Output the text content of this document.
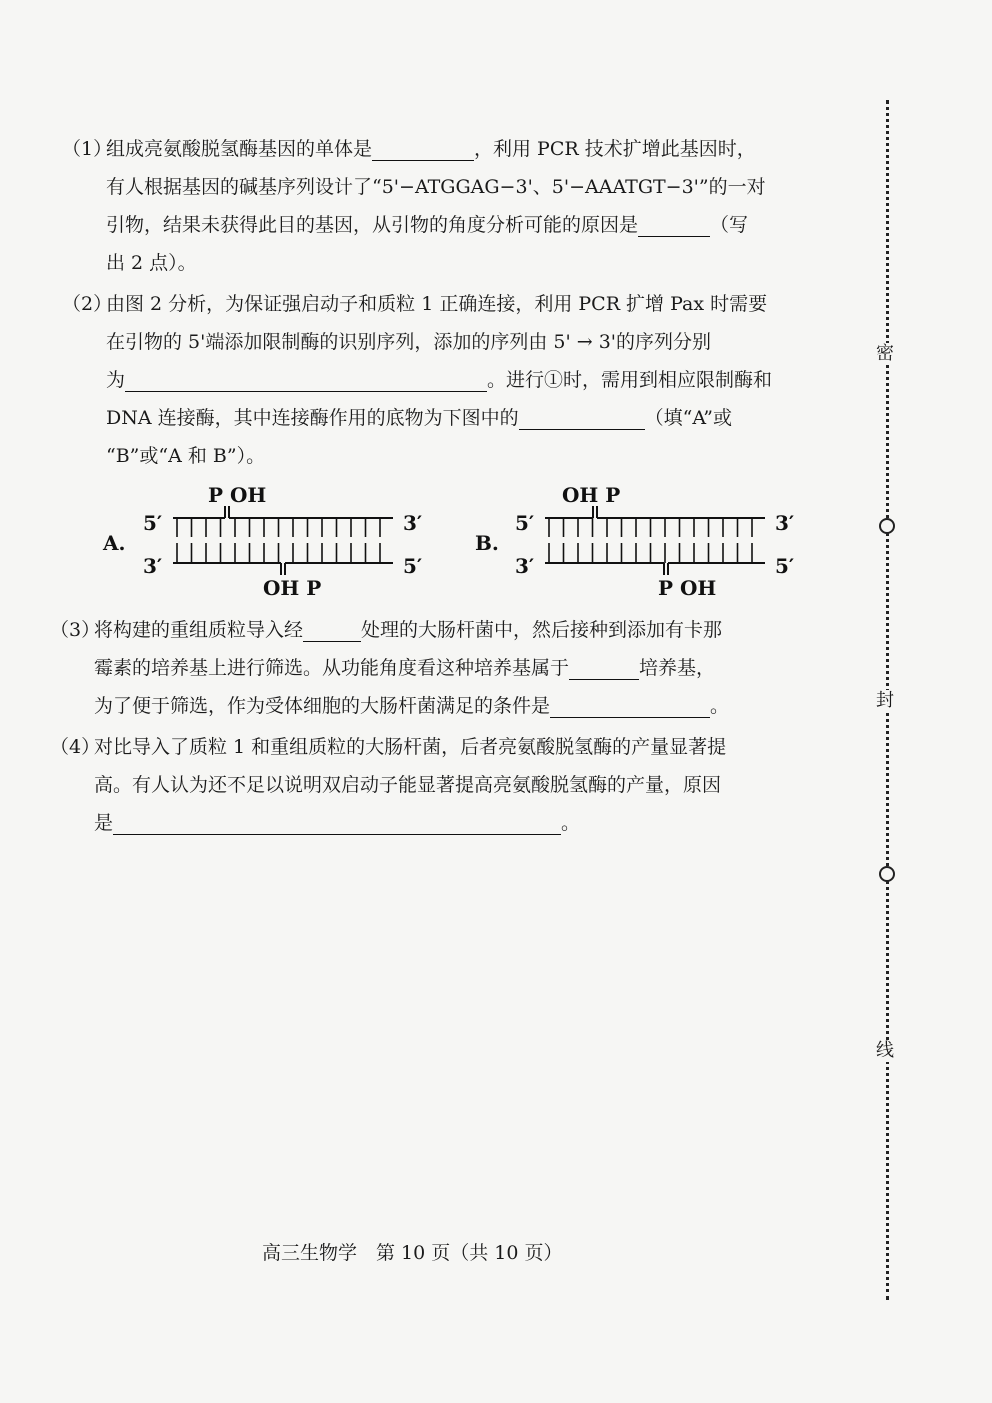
（1）
组成亮氨酸脱氢酶基因的单体是	，利用 PCR 技术扩增此基因时，
有人根据基因的碱基序列设计了“5'−ATGGAG−3'、5'−AAATGT−3'”的一对
引物，结果未获得此目的基因，从引物的角度分析可能的原因是	（写
出 2 点）。
（2）
由图 2 分析，为保证强启动子和质粒 1 正确连接，利用 PCR 扩增 Pax 时需要
在引物的 5'端添加限制酶的识别序列，添加的序列由 5' → 3'的序列分别
为	。进行①时，需用到相应限制酶和
DNA 连接酶，其中连接酶作用的底物为下图中的	（填“A”或
“B”或“A 和 B”）。
A.
5′
3′
3′
5′
P OH
OH P
B.
5′
3′
3′
5′
OH P
P OH
（3）
将构建的重组质粒导入经	处理的大肠杆菌中，然后接种到添加有卡那
霉素的培养基上进行筛选。从功能角度看这种培养基属于	培养基，
为了便于筛选，作为受体细胞的大肠杆菌满足的条件是	。
（4）
对比导入了质粒 1 和重组质粒的大肠杆菌，后者亮氨酸脱氢酶的产量显著提
高。有人认为还不足以说明双启动子能显著提高亮氨酸脱氢酶的产量，原因
是	。
高三生物学　第 10 页（共 10 页）
密
封
线
